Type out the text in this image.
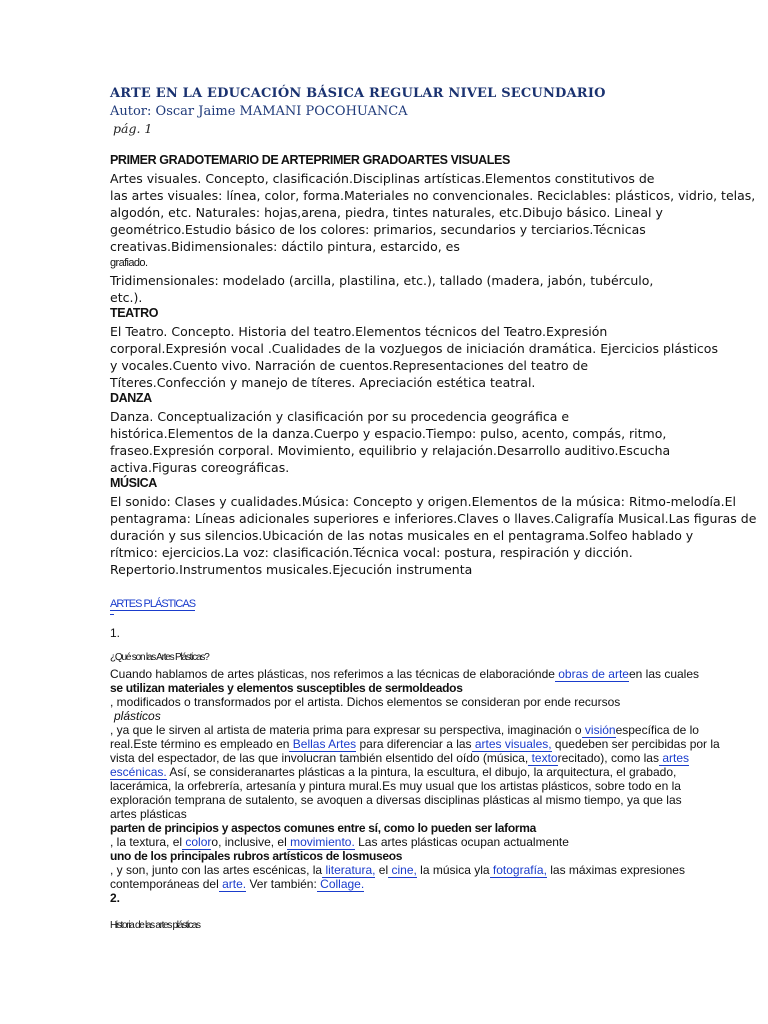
ARTE EN LA EDUCACIÓN BÁSICA REGULAR NIVEL SECUNDARIO
Autor: Oscar Jaime MAMANI POCOHUANCA
pág. 1
PRIMER GRADOTEMARIO DE ARTEPRIMER GRADOARTES VISUALES
Artes visuales. Concepto, clasificación.Disciplinas artísticas.Elementos constitutivos de
las artes visuales: línea, color, forma.Materiales no convencionales. Reciclables: plásticos, vidrio, telas,
algodón, etc. Naturales: hojas,arena, piedra, tintes naturales, etc.Dibujo básico. Lineal y
geométrico.Estudio básico de los colores: primarios, secundarios y terciarios.Técnicas
creativas.Bidimensionales: dáctilo pintura, estarcido, es
grafiado.
Tridimensionales: modelado (arcilla, plastilina, etc.), tallado (madera, jabón, tubérculo,
etc.).
TEATRO
El Teatro. Concepto. Historia del teatro.Elementos técnicos del Teatro.Expresión
corporal.Expresión vocal .Cualidades de la vozJuegos de iniciación dramática. Ejercicios plásticos
y vocales.Cuento vivo. Narración de cuentos.Representaciones del teatro de
Títeres.Confección y manejo de títeres. Apreciación estética teatral.
DANZA
Danza. Conceptualización y clasificación por su procedencia geográfica e
histórica.Elementos de la danza.Cuerpo y espacio.Tiempo: pulso, acento, compás, ritmo,
fraseo.Expresión corporal. Movimiento, equilibrio y relajación.Desarrollo auditivo.Escucha
activa.Figuras coreográficas.
MÚSICA
El sonido: Clases y cualidades.Música: Concepto y origen.Elementos de la música: Ritmo-melodía.El
pentagrama: Líneas adicionales superiores e inferiores.Claves o llaves.Caligrafía Musical.Las figuras de
duración y sus silencios.Ubicación de las notas musicales en el pentagrama.Solfeo hablado y
rítmico: ejercicios.La voz: clasificación.Técnica vocal: postura, respiración y dicción.
Repertorio.Instrumentos musicales.Ejecución instrumenta
ARTES PLÁSTICAS
1.
¿Qué son las Artes Plásticas?
Cuando hablamos de artes plásticas, nos referimos a las técnicas de elaboraciónde obras de arteen las cuales
se utilizan materiales y elementos susceptibles de sermoldeados
, modificados o transformados por el artista. Dichos elementos se consideran por ende recursos
plásticos
, ya que le sirven al artista de materia prima para expresar su perspectiva, imaginación o visiónespecífica de lo
real.Este término es empleado en Bellas Artes para diferenciar a las artes visuales, quedeben ser percibidas por la
vista del espectador, de las que involucran también elsentido del oído (música, textorecitado), como las artes
escénicas. Así, se consideranartes plásticas a la pintura, la escultura, el dibujo, la arquitectura, el grabado,
lacerámica, la orfebrería, artesanía y pintura mural.Es muy usual que los artistas plásticos, sobre todo en la
exploración temprana de sutalento, se avoquen a diversas disciplinas plásticas al mismo tiempo, ya que las
artes plásticas
parten de principios y aspectos comunes entre sí, como lo pueden ser laforma
, la textura, el coloro, inclusive, el movimiento. Las artes plásticas ocupan actualmente
uno de los principales rubros artísticos de losmuseos
, y son, junto con las artes escénicas, la literatura, el cine, la música yla fotografía, las máximas expresiones
contemporáneas del arte. Ver también: Collage.
2.
Historia de las artes plásticas
